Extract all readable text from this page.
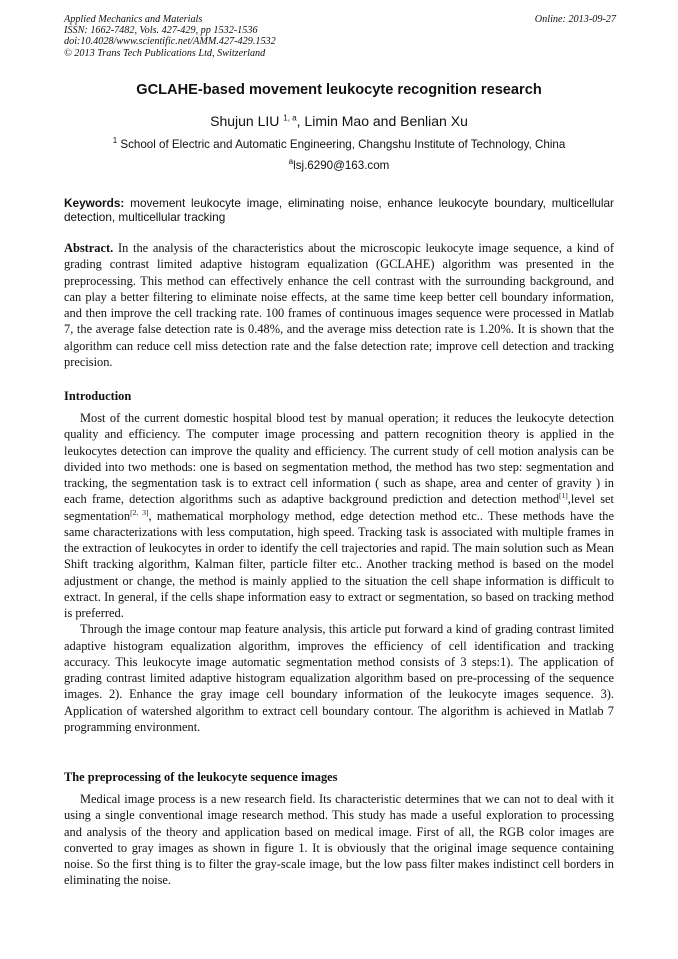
Applied Mechanics and Materials
ISSN: 1662-7482, Vols. 427-429, pp 1532-1536
doi:10.4028/www.scientific.net/AMM.427-429.1532
© 2013 Trans Tech Publications Ltd, Switzerland
Online: 2013-09-27
GCLAHE-based movement leukocyte recognition research
Shujun LIU $^{1, a}$, Limin Mao and Benlian Xu
$^1$ School of Electric and Automatic Engineering, Changshu Institute of Technology, China
$^a$lsj.6290@163.com
Keywords: movement leukocyte image, eliminating noise, enhance leukocyte boundary, multicellular detection, multicellular tracking

Abstract. In the analysis of the characteristics about the microscopic leukocyte image sequence, a kind of grading contrast limited adaptive histogram equalization (GCLAHE) algorithm was presented in the preprocessing. This method can effectively enhance the cell contrast with the surrounding background, and can play a better filtering to eliminate noise effects, at the same time keep better cell boundary information, and then improve the cell tracking rate. 100 frames of continuous images sequence were processed in Matlab 7, the average false detection rate is 0.48%, and the average miss detection rate is 1.20%. It is shown that the algorithm can reduce cell miss detection rate and the false detection rate; improve cell detection and tracking precision.

Introduction

Most of the current domestic hospital blood test by manual operation; it reduces the leukocyte detection quality and efficiency. The computer image processing and pattern recognition theory is applied in the leukocytes detection can improve the quality and efficiency. The current study of cell motion analysis can be divided into two methods: one is based on segmentation method, the method has two step: segmentation and tracking, the segmentation task is to extract cell information ( such as shape, area and center of gravity ) in each frame, detection algorithms such as adaptive background prediction and detection method[1],level set segmentation[2, 3], mathematical morphology method, edge detection method etc.. These methods have the same characterizations with less computation, high speed. Tracking task is associated with multiple frames in the extraction of leukocytes in order to identify the cell trajectories and rapid. The main solution such as Mean Shift tracking algorithm, Kalman filter, particle filter etc.. Another tracking method is based on the model adjustment or change, the method is mainly applied to the situation the cell shape information is difficult to extract. In general, if the cells shape information easy to extract or segmentation, so based on tracking method is preferred.

Through the image contour map feature analysis, this article put forward a kind of grading contrast limited adaptive histogram equalization algorithm, improves the efficiency of cell identification and tracking accuracy. This leukocyte image automatic segmentation method consists of 3 steps:1). The application of grading contrast limited adaptive histogram equalization algorithm based on pre-processing of the sequence images. 2). Enhance the gray image cell boundary information of the leukocyte images sequence. 3). Application of watershed algorithm to extract cell boundary contour. The algorithm is achieved in Matlab 7 programming environment.

The preprocessing of the leukocyte sequence images

Medical image process is a new research field. Its characteristic determines that we can not to deal with it using a single conventional image research method. This study has made a useful exploration to processing and analysis of the theory and application based on medical image. First of all, the RGB color images are converted to gray images as shown in figure 1. It is obviously that the original image sequence containing noise. So the first thing is to filter the gray-scale image, but the low pass filter makes indistinct cell borders in eliminating the noise.
